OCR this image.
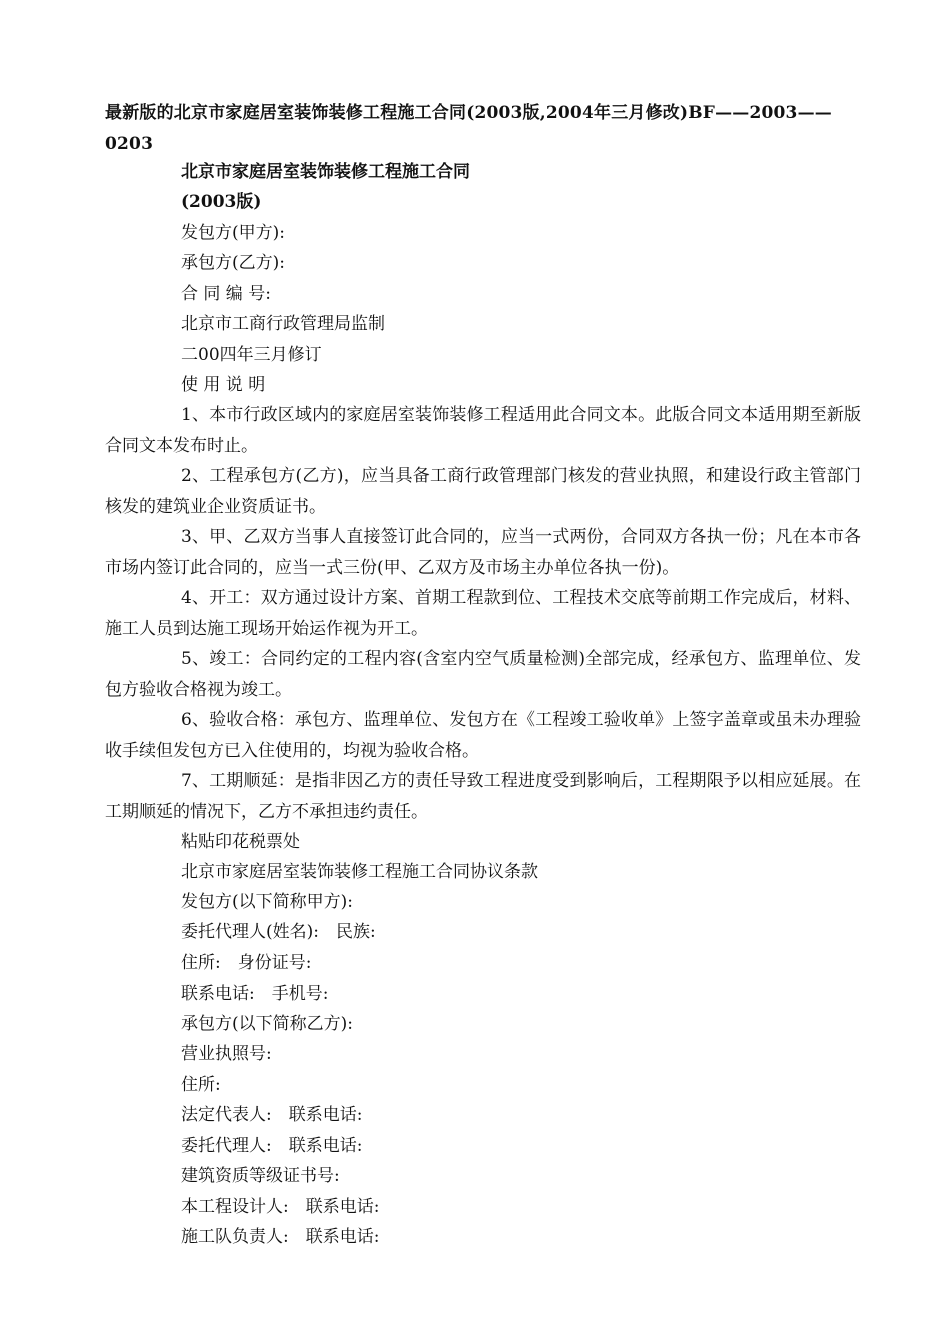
最新版的北京市家庭居室装饰装修工程施工合同(2003版,2004年三月修改)BF——2003——0203

北京市家庭居室装饰装修工程施工合同

(2003版)

发包方(甲方):

承包方(乙方):

合 同 编 号:

北京市工商行政管理局监制

二00四年三月修订

使 用 说 明

1、本市行政区域内的家庭居室装饰装修工程适用此合同文本。此版合同文本适用期至新版合同文本发布时止。

2、工程承包方(乙方)，应当具备工商行政管理部门核发的营业执照，和建设行政主管部门核发的建筑业企业资质证书。

3、甲、乙双方当事人直接签订此合同的，应当一式两份，合同双方各执一份；凡在本市各市场内签订此合同的，应当一式三份(甲、乙双方及市场主办单位各执一份)。

4、开工：双方通过设计方案、首期工程款到位、工程技术交底等前期工作完成后，材料、施工人员到达施工现场开始运作视为开工。

5、竣工：合同约定的工程内容(含室内空气质量检测)全部完成，经承包方、监理单位、发包方验收合格视为竣工。

6、验收合格：承包方、监理单位、发包方在《工程竣工验收单》上签字盖章或虽未办理验收手续但发包方已入住使用的，均视为验收合格。

7、工期顺延：是指非因乙方的责任导致工程进度受到影响后，工程期限予以相应延展。在工期顺延的情况下，乙方不承担违约责任。

粘贴印花税票处

北京市家庭居室装饰装修工程施工合同协议条款

发包方(以下简称甲方):

委托代理人(姓名):　民族:

住所:　身份证号:

联系电话:　手机号:

承包方(以下简称乙方):

营业执照号:

住所:

法定代表人:　联系电话:

委托代理人:　联系电话:

建筑资质等级证书号:

本工程设计人:　联系电话:

施工队负责人:　联系电话:
